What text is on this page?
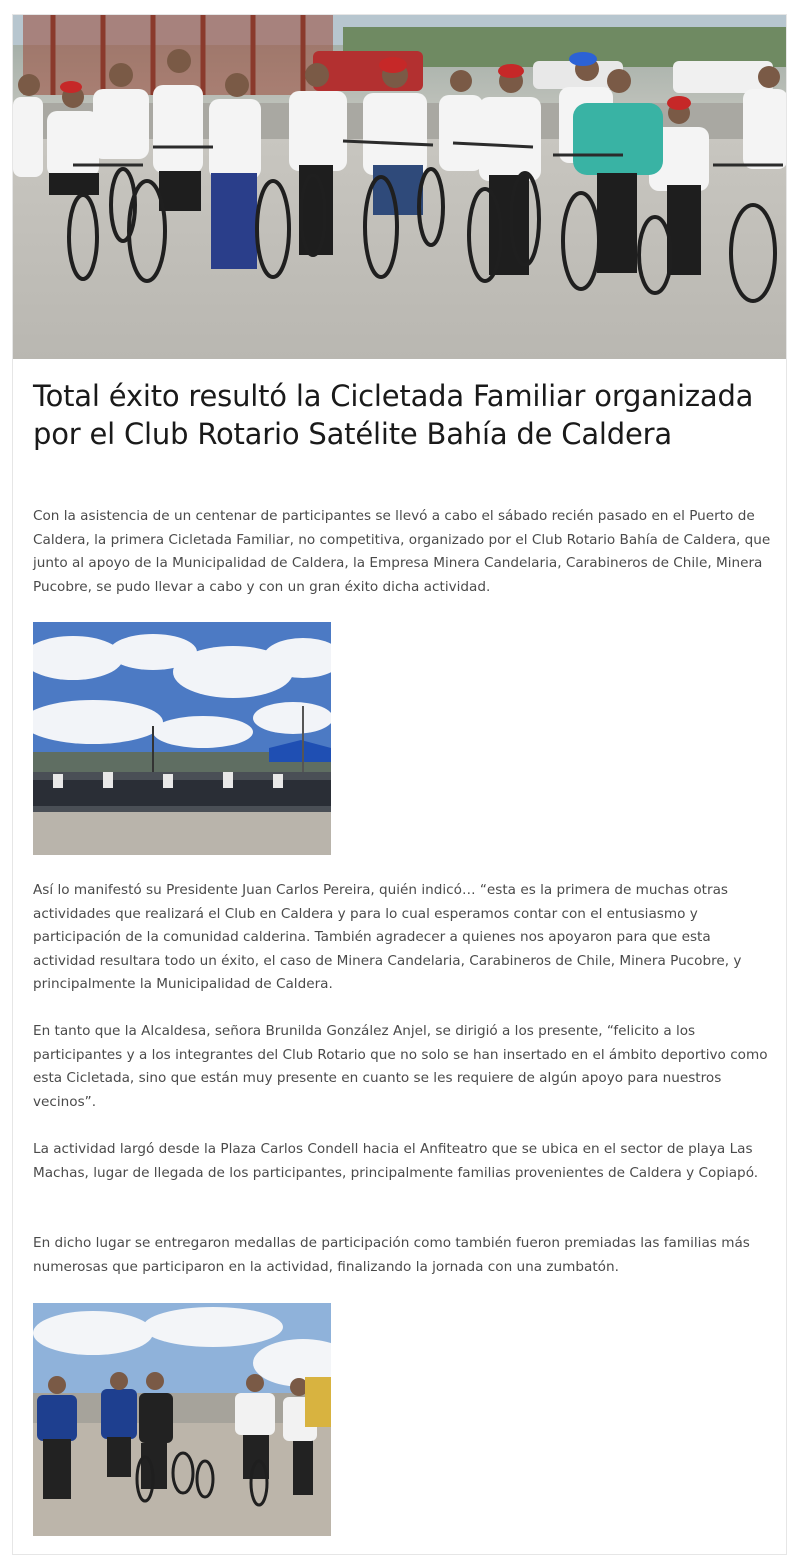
Total éxito resultó la Cicletada Familiar organizada por el Club Rotario Satélite Bahía de Caldera

Con la asistencia de un centenar de participantes se llevó a cabo el sábado recién pasado en el Puerto de Caldera, la primera Cicletada Familiar, no competitiva, organizado por el Club Rotario Bahía de Caldera, que junto al apoyo de la Municipalidad de Caldera, la Empresa Minera Candelaria, Carabineros de Chile, Minera Pucobre, se pudo llevar a cabo y con un gran éxito dicha actividad.

Así lo manifestó su Presidente Juan Carlos Pereira, quién indicó… “esta es la primera de muchas otras actividades que realizará el Club en Caldera y para lo cual esperamos contar con el entusiasmo y participación de la comunidad calderina. También agradecer a quienes nos apoyaron para que esta actividad resultara todo un éxito, el caso de Minera Candelaria, Carabineros de Chile, Minera Pucobre, y principalmente la Municipalidad de Caldera.

En tanto que la Alcaldesa, señora Brunilda González Anjel, se dirigió a los presente, “felicito a los participantes y a los integrantes del Club Rotario que no solo se han insertado en el ámbito deportivo como esta Cicletada, sino que están muy presente en cuanto se les requiere de algún apoyo para nuestros vecinos”.

La actividad largó desde la Plaza Carlos Condell hacia el Anfiteatro que se ubica en el sector de playa Las Machas, lugar de llegada de los participantes, principalmente familias provenientes de Caldera y Copiapó.

En dicho lugar se entregaron medallas de participación como también fueron premiadas las familias más numerosas que participaron en la actividad, finalizando la jornada con una zumbatón.
